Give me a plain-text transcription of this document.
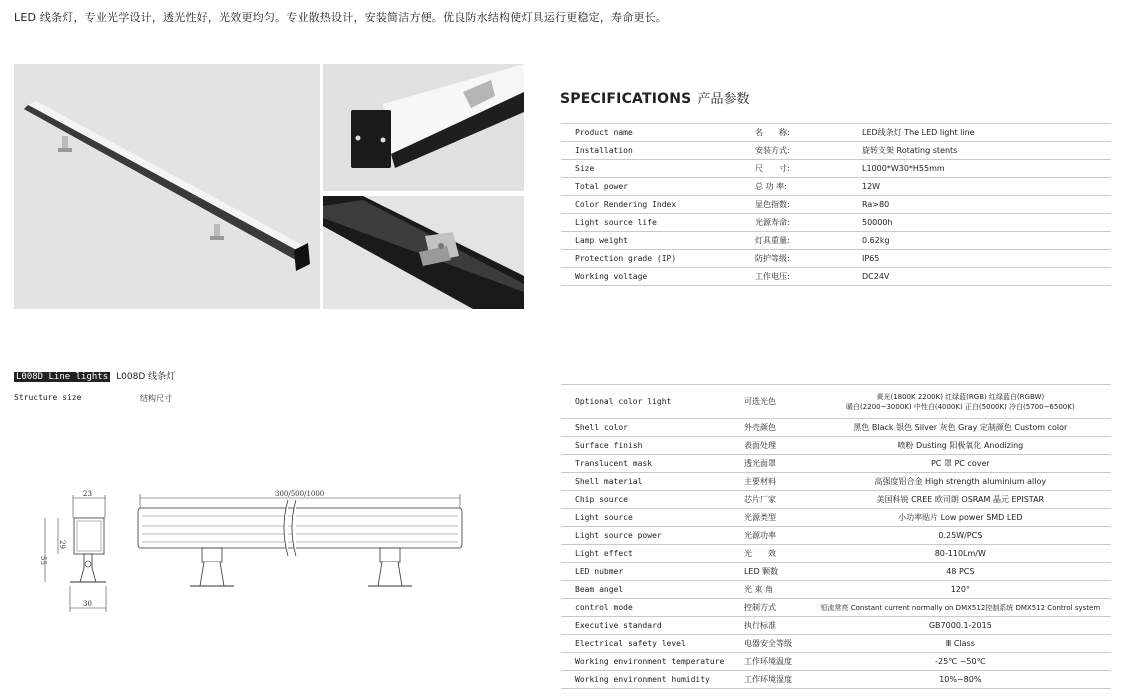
LED 线条灯，专业光学设计，透光性好，光效更均匀。专业散热设计，安装简洁方便。优良防水结构使灯具运行更稳定，寿命更长。
SPECIFICATIONS 产品参数
Product name	名　　称:	LED线条灯 The LED light line
Installation	安装方式:	旋转支架 Rotating stents
Size	尺　　寸:	L1000*W30*H55mm
Total power	总 功 率:	12W
Color Rendering Index	显色指数:	Ra>80
Light source life	光源寿命:	50000h
Lamp weight	灯具重量:	0.62kg
Protection grade (IP)	防护等级:	IP65
Working voltage	工作电压:	DC24V
L008D Line lights L008D 线条灯
Structure size	结构尺寸
23
29
55
30
300/500/1000
Optional color light	可选光色	黄光(1800K 2200K) 红绿蓝(RGB) 红绿蓝白(RGBW)
暖白(2200~3000K) 中性白(4000K) 正白(5000K) 冷白(5700~6500K)

Shell color	外壳颜色	黑色 Black 银色 Silver 灰色 Gray 定制颜色 Custom color
Surface finish	表面处理	喷粉 Dusting 阳极氧化 Anodizing
Translucent mask	透光面罩	PC 罩 PC cover
Shell material	主要材料	高强度铝合金 High strength aluminium alloy
Chip source	芯片厂家	美国科锐 CREE 欧司朗 OSRAM 晶元 EPISTAR
Light source	光源类型	小功率贴片 Low power SMD LED
Light source power	光源功率	0.25W/PCS
Light effect	光　　效	80-110Lm/W
LED nubmer	LED 颗数	48 PCS
Beam angel	光 束 角	120°
control mode	控制方式	恒流常亮 Constant current normally on DMX512控制系统 DMX512 Control system
Executive standard	执行标准	GB7000.1-2015
Electrical safety level	电器安全等级	Ⅲ Class
Working environment temperature	工作环境温度	-25℃ ~50℃
Working environment humidity	工作环境湿度	10%~80%
